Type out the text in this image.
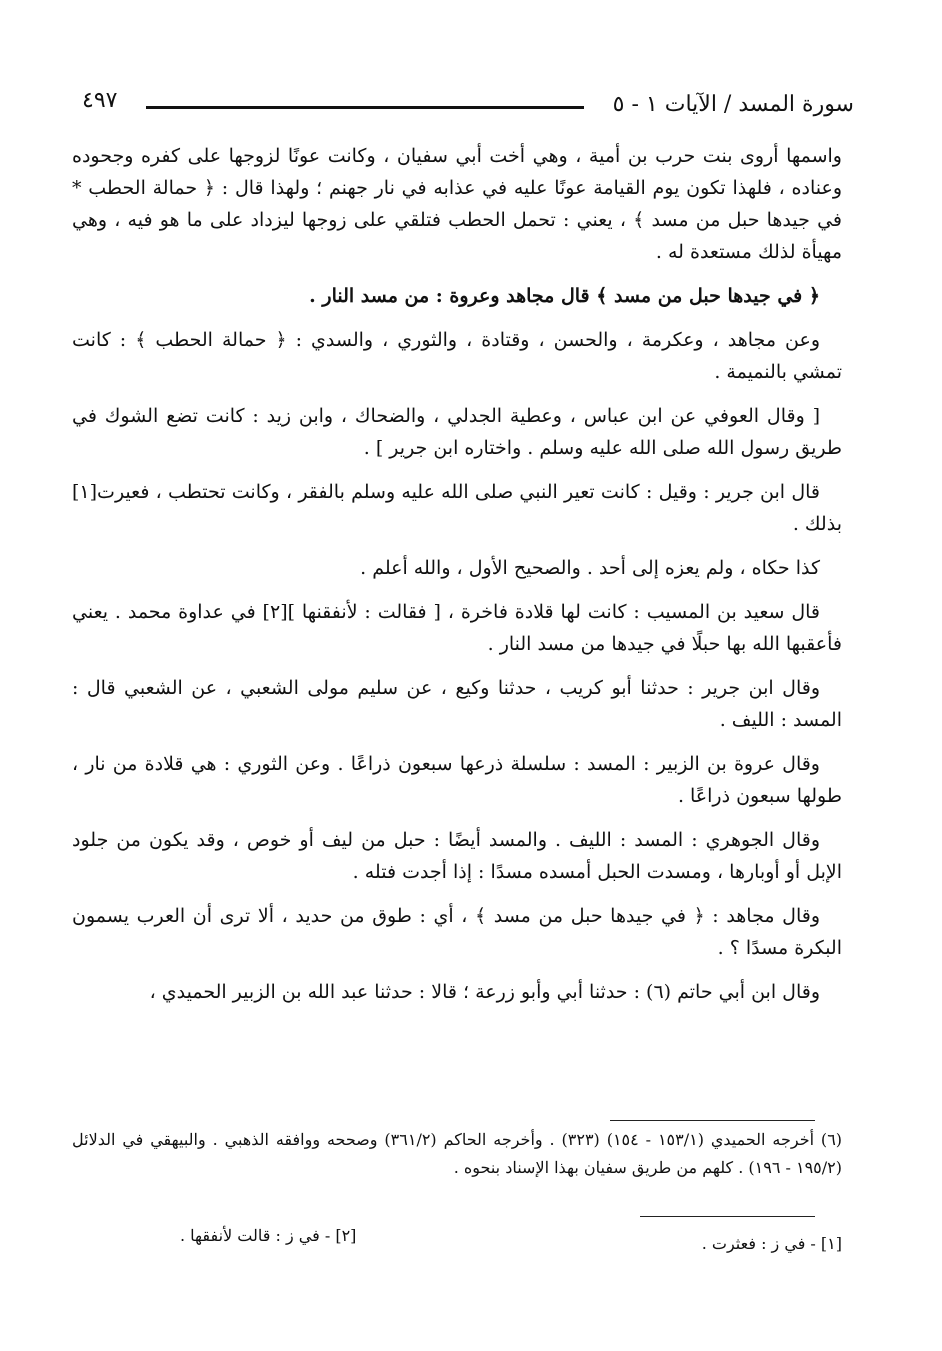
سورة المسد / الآيات ١ - ٥
٤٩٧

واسمها أروى بنت حرب بن أمية ، وهي أخت أبي سفيان ، وكانت عونًا لزوجها على كفره وجحوده وعناده ، فلهذا تكون يوم القيامة عونًا عليه في عذابه في نار جهنم ؛ ولهذا قال : ﴿ حمالة الحطب * في جيدها حبل من مسد ﴾ ، يعني : تحمل الحطب فتلقي على زوجها ليزداد على ما هو فيه ، وهي مهيأة لذلك مستعدة له .

﴿ في جيدها حبل من مسد ﴾ قال مجاهد وعروة : من مسد النار .

وعن مجاهد ، وعكرمة ، والحسن ، وقتادة ، والثوري ، والسدي : ﴿ حمالة الحطب ﴾ : كانت تمشي بالنميمة .

[ وقال العوفي عن ابن عباس ، وعطية الجدلي ، والضحاك ، وابن زيد : كانت تضع الشوك في طريق رسول الله صلى الله عليه وسلم . واختاره ابن جرير ] .

قال ابن جرير : وقيل : كانت تعير النبي صلى الله عليه وسلم بالفقر ، وكانت تحتطب ، فعيرت[١] بذلك .

كذا حكاه ، ولم يعزه إلى أحد . والصحيح الأول ، والله أعلم .

قال سعيد بن المسيب : كانت لها قلادة فاخرة ، [ فقالت : لأنفقنها ][٢] في عداوة محمد . يعني فأعقبها الله بها حبلًا في جيدها من مسد النار .

وقال ابن جرير : حدثنا أبو كريب ، حدثنا وكيع ، عن سليم مولى الشعبي ، عن الشعبي قال : المسد : الليف .

وقال عروة بن الزبير : المسد : سلسلة ذرعها سبعون ذراعًا . وعن الثوري : هي قلادة من نار ، طولها سبعون ذراعًا .

وقال الجوهري : المسد : الليف . والمسد أيضًا : حبل من ليف أو خوص ، وقد يكون من جلود الإبل أو أوبارها ، ومسدت الحبل أمسده مسدًا : إذا أجدت فتله .

وقال مجاهد : ﴿ في جيدها حبل من مسد ﴾ ، أي : طوق من حديد ، ألا ترى أن العرب يسمون البكرة مسدًا ؟ .

وقال ابن أبي حاتم (٦) : حدثنا أبي وأبو زرعة ؛ قالا : حدثنا عبد الله بن الزبير الحميدي ،

(٦) أخرجه الحميدي (١٥٣/١ - ١٥٤) (٣٢٣) . وأخرجه الحاكم (٣٦١/٢) وصححه ووافقه الذهبي . والبيهقي في الدلائل (١٩٥/٢ - ١٩٦) . كلهم من طريق سفيان بهذا الإسناد بنحوه .
[١] - في ز : فعثرت .
[٢] - في ز : قالت لأنفقها .
